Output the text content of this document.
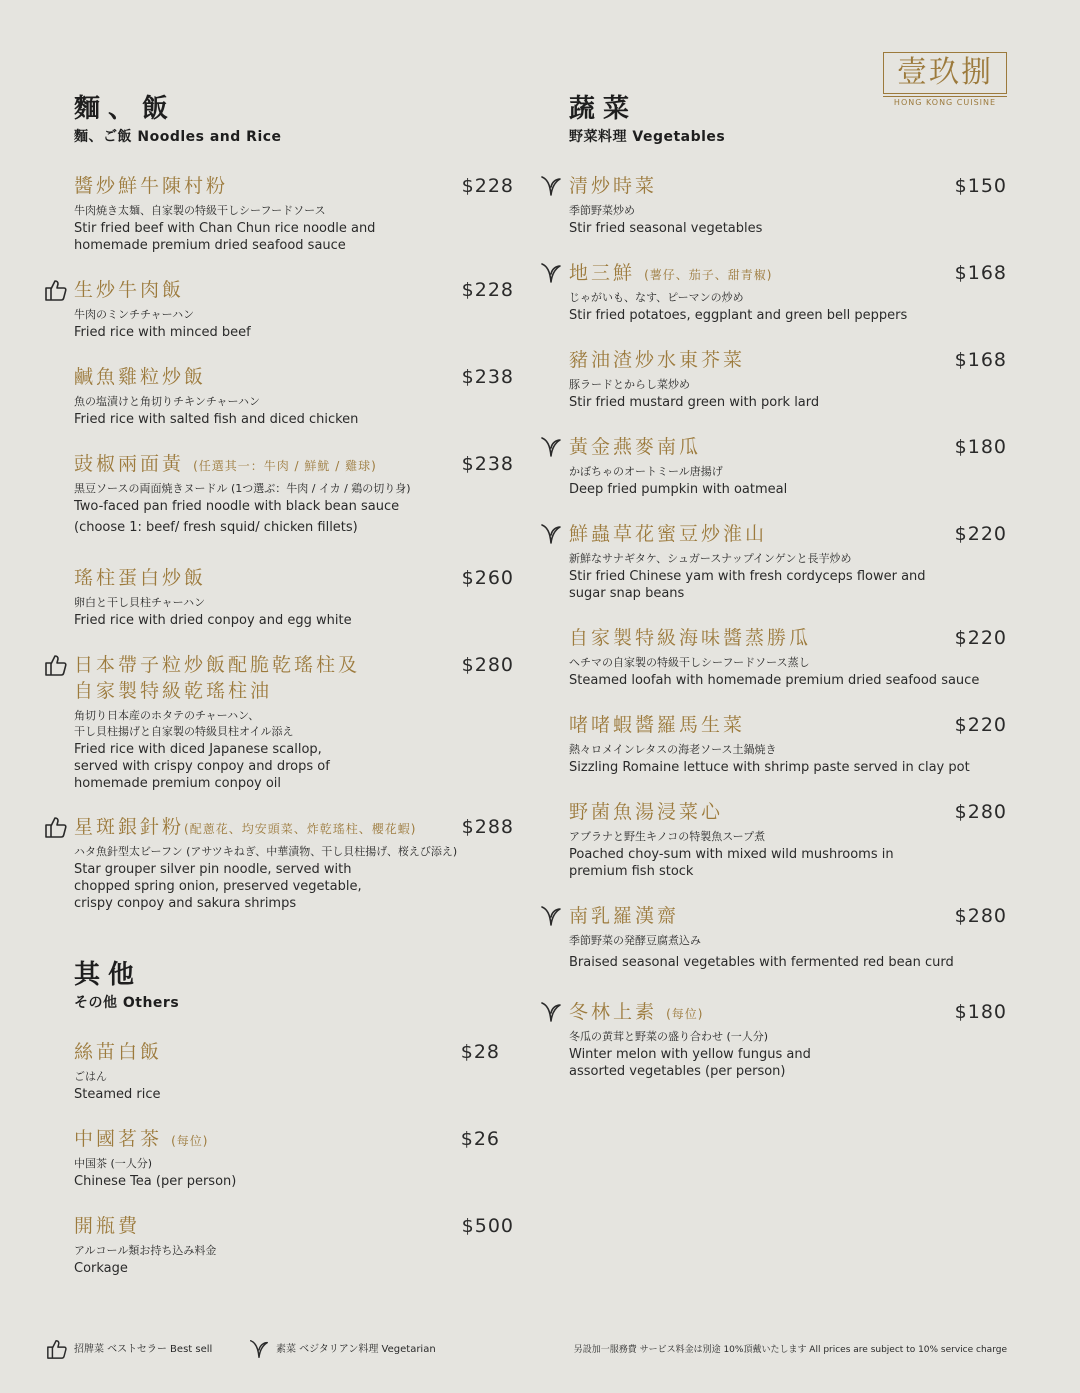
壹玖捌
HONG KONG CUISINE
麵、飯
麵、ご飯 Noodles and Rice
醬炒鮮牛陳村粉	$228
牛肉焼き太麺、自家製の特級干しシーフードソース
Stir fried beef with Chan Chun rice noodle and
homemade premium dried seafood sauce
生炒牛肉飯	$228
牛肉のミンチチャーハン
Fried rice with minced beef
鹹魚雞粒炒飯	$238
魚の塩漬けと角切りチキンチャーハン
Fried rice with salted fish and diced chicken
豉椒兩面黃 (任選其一：牛肉 / 鮮魷 / 雞球)	$238
黒豆ソースの両面焼きヌードル (1つ選ぶ：牛肉 / イカ / 鶏の切り身)
Two-faced pan fried noodle with black bean sauce
(choose 1: beef/ fresh squid/ chicken fillets)
瑤柱蛋白炒飯	$260
卵白と干し貝柱チャーハン
Fried rice with dried conpoy and egg white
日本帶子粒炒飯配脆乾瑤柱及	$280
自家製特級乾瑤柱油
角切り日本産のホタテのチャーハン、
干し貝柱揚げと自家製の特級貝柱オイル添え
Fried rice with diced Japanese scallop,
served with crispy conpoy and drops of
homemade premium conpoy oil
星斑銀針粉(配蔥花、均安頭菜、炸乾瑤柱、櫻花蝦) $288
ハタ魚針型太ビーフン (アサツキねぎ、中華漬物、干し貝柱揚げ、桜えび添え)
Star grouper silver pin noodle, served with
chopped spring onion, preserved vegetable,
crispy conpoy and sakura shrimps
其他
その他 Others
絲苗白飯	$28
ごはん
Steamed rice
中國茗茶 (每位)	$26
中国茶 (一人分)
Chinese Tea (per person)
開瓶費	$500
アルコール類お持ち込み料金
Corkage
蔬菜
野菜料理 Vegetables
清炒時菜	$150
季節野菜炒め
Stir fried seasonal vegetables
地三鮮 (薯仔、茄子、甜青椒)	$168
じゃがいも、なす、ピーマンの炒め
Stir fried potatoes, eggplant and green bell peppers
豬油渣炒水東芥菜	$168
豚ラードとからし菜炒め
Stir fried mustard green with pork lard
黃金燕麥南瓜	$180
かぼちゃのオートミール唐揚げ
Deep fried pumpkin with oatmeal
鮮蟲草花蜜豆炒淮山	$220
新鮮なサナギタケ、シュガースナップインゲンと長芋炒め
Stir fried Chinese yam with fresh cordyceps flower and
sugar snap beans
自家製特級海味醬蒸勝瓜	$220
ヘチマの自家製の特級干しシーフードソース蒸し
Steamed loofah with homemade premium dried seafood sauce
啫啫蝦醬羅馬生菜	$220
熱々ロメインレタスの海老ソース土鍋焼き
Sizzling Romaine lettuce with shrimp paste served in clay pot
野菌魚湯浸菜心	$280
アブラナと野生キノコの特製魚スープ煮
Poached choy-sum with mixed wild mushrooms in
premium fish stock
南乳羅漢齋	$280
季節野菜の発酵豆腐煮込み
Braised seasonal vegetables with fermented red bean curd
冬林上素 (每位)	$180
冬瓜の黄茸と野菜の盛り合わせ (一人分)
Winter melon with yellow fungus and
assorted vegetables (per person)
招牌菜 ベストセラー Best sell	素菜 ベジタリアン料理 Vegetarian	另設加一服務費 サービス料金は別途 10%頂戴いたします All prices are subject to 10% service charge
